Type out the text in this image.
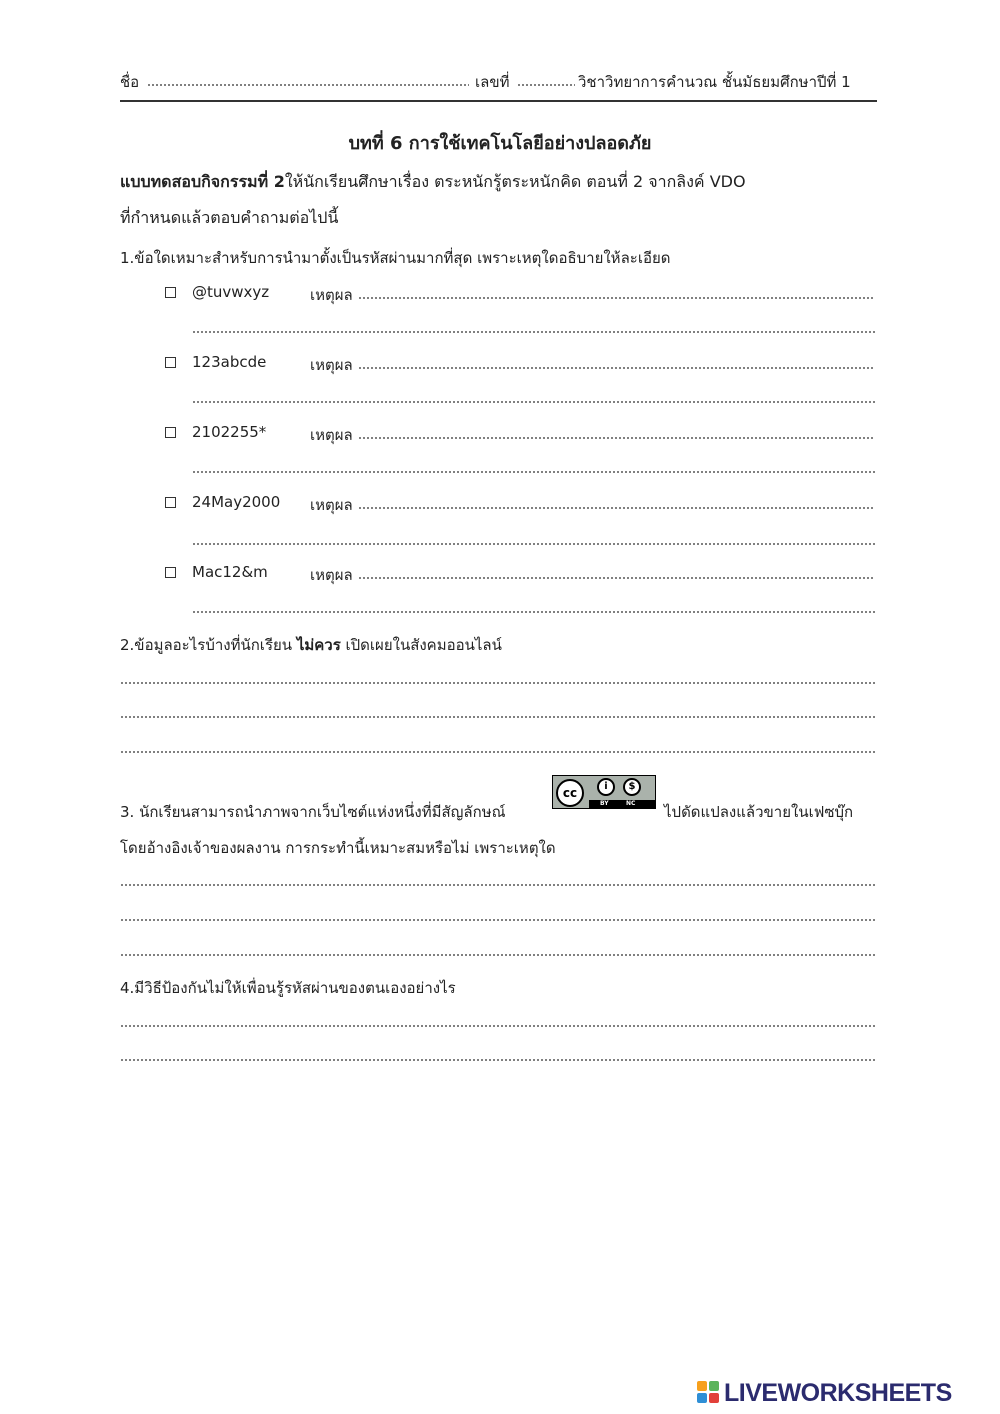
ชื่อ	เลขที่	วิชาวิทยาการคำนวณ ชั้นมัธยมศึกษาปีที่ 1
บทที่ 6 การใช้เทคโนโลยีอย่างปลอดภัย
แบบทดสอบกิจกรรมที่ 2ให้นักเรียนศึกษาเรื่อง ตระหนักรู้ตระหนักคิด ตอนที่ 2 จากลิงค์ VDO
ที่กำหนดแล้วตอบคำถามต่อไปนี้
1.ข้อใดเหมาะสำหรับการนำมาตั้งเป็นรหัสผ่านมากที่สุด เพราะเหตุใดอธิบายให้ละเอียด
@tuvwxyz	เหตุผล
123abcde	เหตุผล
2102255*	เหตุผล
24May2000 เหตุผล
Mac12&m	เหตุผล
2.ข้อมูลอะไรบ้างที่นักเรียน ไม่ควร เปิดเผยในสังคมออนไลน์
3. นักเรียนสามารถนำภาพจากเว็บไซต์แห่งหนึ่งที่มีสัญลักษณ์
cc	i	$
BY	NC ไปดัดแปลงแล้วขายในเฟซบุ๊ก
โดยอ้างอิงเจ้าของผลงาน การกระทำนี้เหมาะสมหรือไม่ เพราะเหตุใด
4.มีวิธีป้องกันไม่ให้เพื่อนรู้รหัสผ่านของตนเองอย่างไร
LIVEWORKSHEETS
